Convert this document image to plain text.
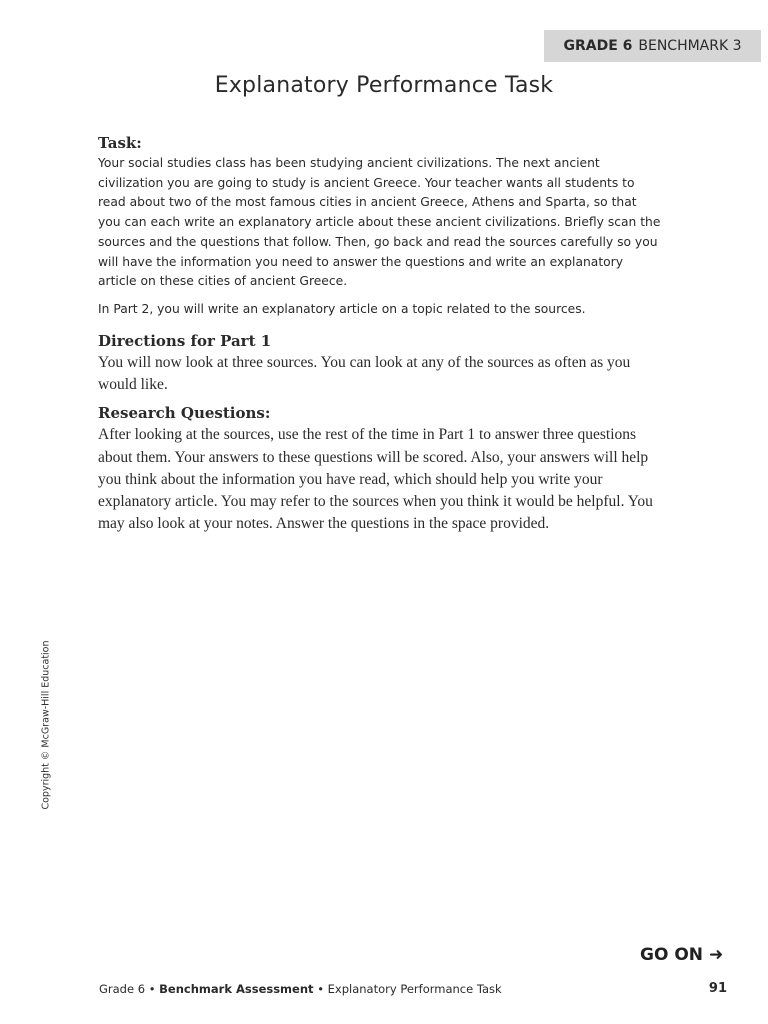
GRADE 6 BENCHMARK 3
Explanatory Performance Task
Task:

Your social studies class has been studying ancient civilizations. The next ancient civilization you are going to study is ancient Greece. Your teacher wants all students to read about two of the most famous cities in ancient Greece, Athens and Sparta, so that you can each write an explanatory article about these ancient civilizations. Briefly scan the sources and the questions that follow. Then, go back and read the sources carefully so you will have the information you need to answer the questions and write an explanatory article on these cities of ancient Greece.

In Part 2, you will write an explanatory article on a topic related to the sources.

Directions for Part 1

You will now look at three sources. You can look at any of the sources as often as you would like.

Research Questions:

After looking at the sources, use the rest of the time in Part 1 to answer three questions about them. Your answers to these questions will be scored. Also, your answers will help you think about the information you have read, which should help you write your explanatory article. You may refer to the sources when you think it would be helpful. You may also look at your notes. Answer the questions in the space provided.

Copyright © McGraw-Hill Education
GO ON ➜
Grade 6 • Benchmark Assessment • Explanatory Performance Task	91
